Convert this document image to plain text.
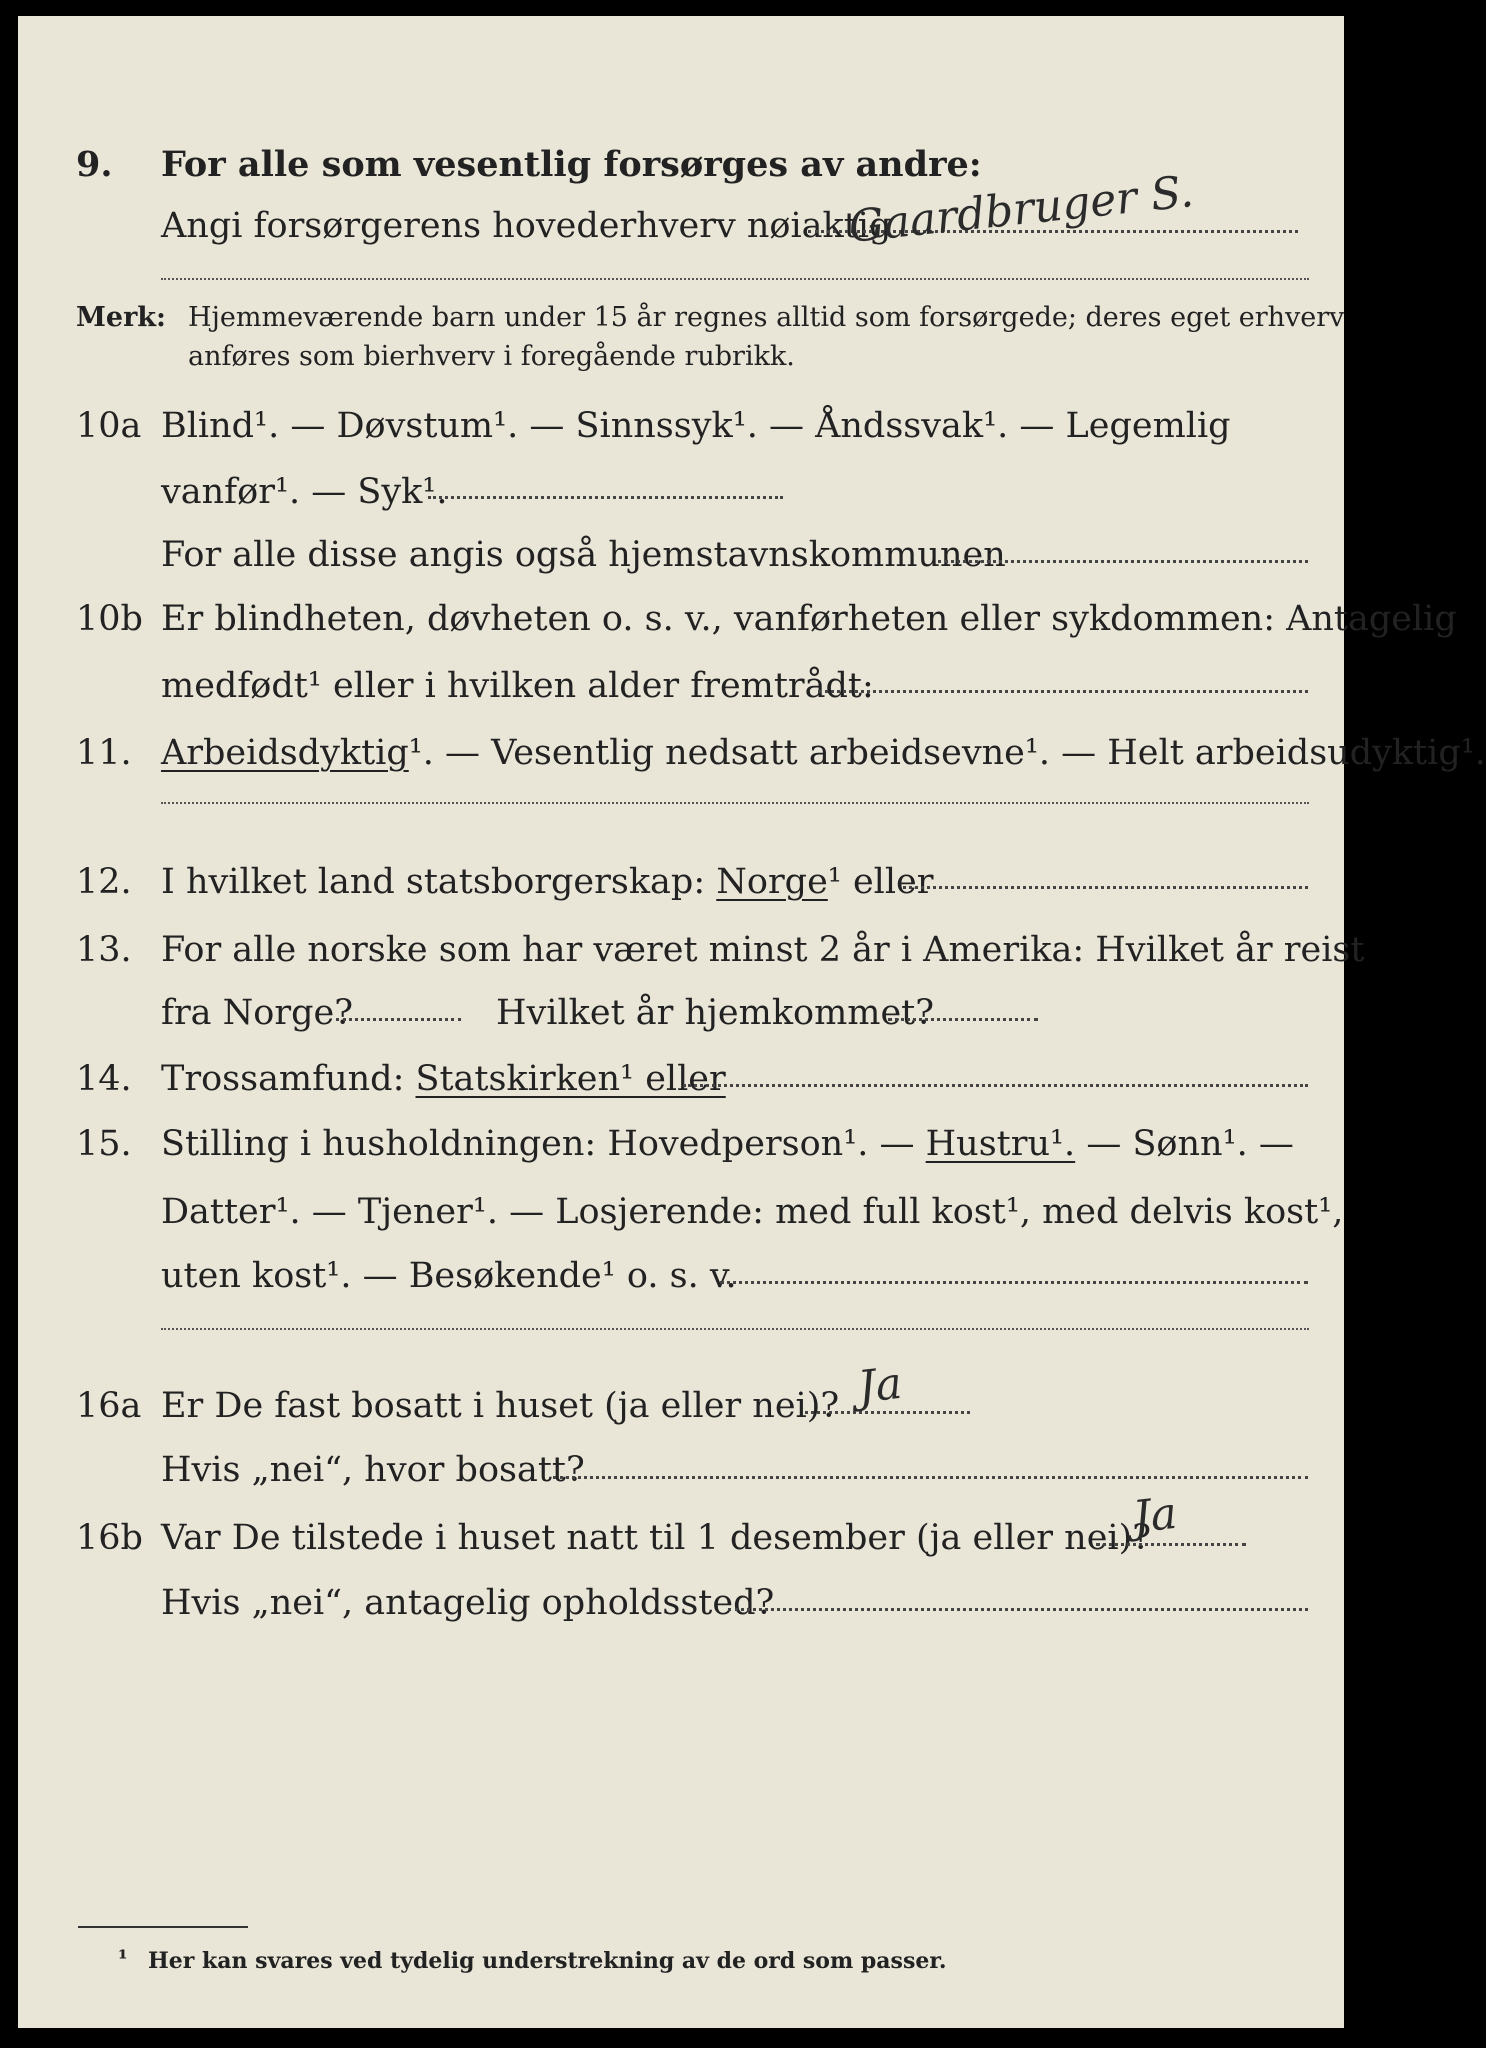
9. For alle som vesentlig forsørges av andre:
Angi forsørgerens hovederhverv nøiaktig
Gaardbruger S.
Merk: Hjemmeværende barn under 15 år regnes alltid som forsørgede; deres eget erhverv
anføres som bierhverv i foregående rubrikk.
10a Blind¹. — Døvstum¹. — Sinnssyk¹. — Åndssvak¹. — Legemlig
vanfør¹. — Syk¹.
For alle disse angis også hjemstavnskommunen
10b Er blindheten, døvheten o. s. v., vanførheten eller sykdommen: Antagelig
medfødt¹ eller i hvilken alder fremtrådt:
11. Arbeidsdyktig¹. — Vesentlig nedsatt arbeidsevne¹. — Helt arbeidsudyktig¹.
12. I hvilket land statsborgerskap: Norge¹ eller
13. For alle norske som har været minst 2 år i Amerika: Hvilket år reist
fra Norge?	Hvilket år hjemkommet?
14. Trossamfund: Statskirken¹ eller
15. Stilling i husholdningen: Hovedperson¹. — Hustru¹. — Sønn¹. —
Datter¹. — Tjener¹. — Losjerende: med full kost¹, med delvis kost¹,
uten kost¹. — Besøkende¹ o. s. v.
16a Er De fast bosatt i huset (ja eller nei)? Ja
Hvis „nei“, hvor bosatt?
16b Var De tilstede i huset natt til 1 desember (ja eller nei)?
Ja
Hvis „nei“, antagelig opholdssted?
¹ Her kan svares ved tydelig understrekning av de ord som passer.
